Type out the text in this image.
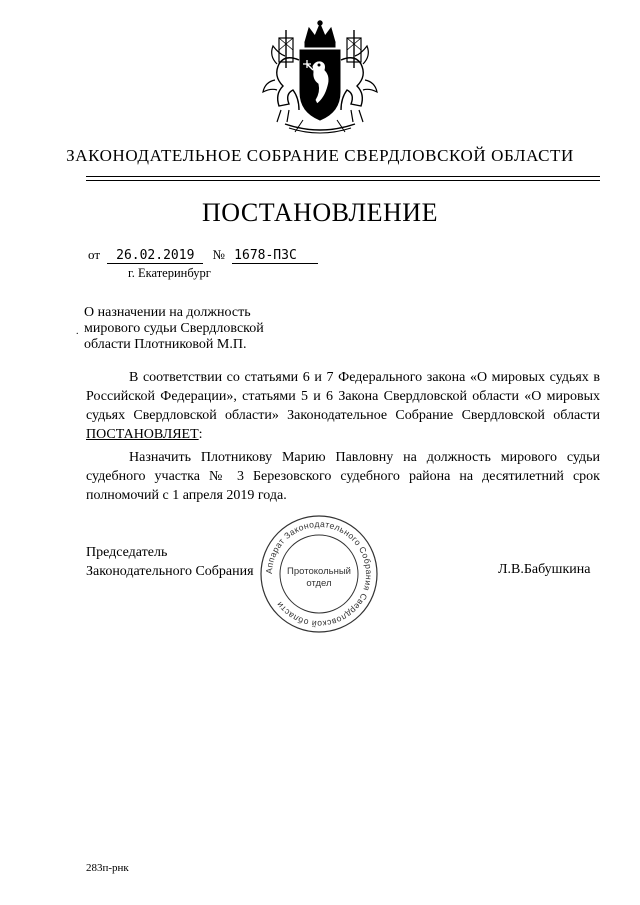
ЗАКОНОДАТЕЛЬНОЕ СОБРАНИЕ СВЕРДЛОВСКОЙ ОБЛАСТИ
ПОСТАНОВЛЕНИЕ
от 26.02.2019 № 1678-ПЗС
г. Екатеринбург
.
О назначении на должность
мирового судьи Свердловской
области Плотниковой М.П.

В соответствии со статьями 6 и 7 Федерального закона «О мировых судьях в Российской Федерации», статьями 5 и 6 Закона Свердловской области «О мировых судьях Свердловской области» Законодательное Собрание Свердловской области ПОСТАНОВЛЯЕТ:

Назначить Плотникову Марию Павловну на должность мирового судьи судебного участка № 3 Березовского судебного района на десятилетний срок полномочий с 1 апреля 2019 года.

Председатель
Законодательного Собрания Аппарат Законодательного Собрания Свердловской области
Протокольный
отдел
Л.В.Бабушкина
283п-рнк
